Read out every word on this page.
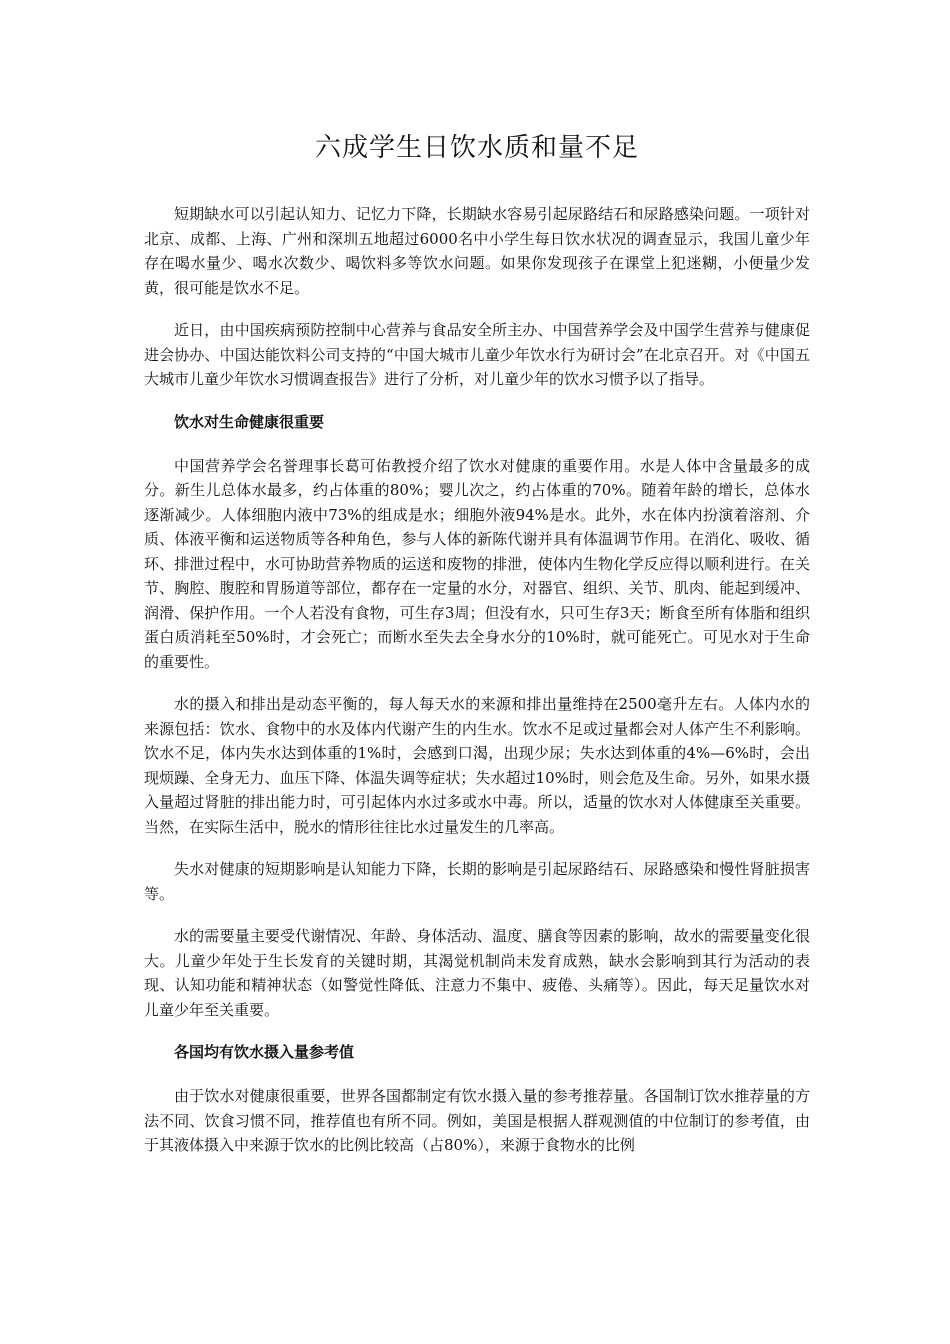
六成学生日饮水质和量不足

短期缺水可以引起认知力、记忆力下降，长期缺水容易引起尿路结石和尿路感染问题。一项针对北京、成都、上海、广州和深圳五地超过6000名中小学生每日饮水状况的调查显示，我国儿童少年存在喝水量少、喝水次数少、喝饮料多等饮水问题。如果你发现孩子在课堂上犯迷糊，小便量少发黄，很可能是饮水不足。

近日，由中国疾病预防控制中心营养与食品安全所主办、中国营养学会及中国学生营养与健康促进会协办、中国达能饮料公司支持的“中国大城市儿童少年饮水行为研讨会”在北京召开。对《中国五大城市儿童少年饮水习惯调查报告》进行了分析，对儿童少年的饮水习惯予以了指导。

饮水对生命健康很重要

中国营养学会名誉理事长葛可佑教授介绍了饮水对健康的重要作用。水是人体中含量最多的成分。新生儿总体水最多，约占体重的80%；婴儿次之，约占体重的70%。随着年龄的增长，总体水逐渐减少。人体细胞内液中73%的组成是水；细胞外液94%是水。此外，水在体内扮演着溶剂、介质、体液平衡和运送物质等各种角色，参与人体的新陈代谢并具有体温调节作用。在消化、吸收、循环、排泄过程中，水可协助营养物质的运送和废物的排泄，使体内生物化学反应得以顺利进行。在关节、胸腔、腹腔和胃肠道等部位，都存在一定量的水分，对器官、组织、关节、肌肉、能起到缓冲、润滑、保护作用。一个人若没有食物，可生存3周；但没有水，只可生存3天；断食至所有体脂和组织蛋白质消耗至50%时，才会死亡；而断水至失去全身水分的10%时，就可能死亡。可见水对于生命的重要性。

水的摄入和排出是动态平衡的，每人每天水的来源和排出量维持在2500毫升左右。人体内水的来源包括：饮水、食物中的水及体内代谢产生的内生水。饮水不足或过量都会对人体产生不利影响。饮水不足，体内失水达到体重的1%时，会感到口渴，出现少尿；失水达到体重的4%—6%时，会出现烦躁、全身无力、血压下降、体温失调等症状；失水超过10%时，则会危及生命。另外，如果水摄入量超过肾脏的排出能力时，可引起体内水过多或水中毒。所以，适量的饮水对人体健康至关重要。当然，在实际生活中，脱水的情形往往比水过量发生的几率高。

失水对健康的短期影响是认知能力下降，长期的影响是引起尿路结石、尿路感染和慢性肾脏损害等。

水的需要量主要受代谢情况、年龄、身体活动、温度、膳食等因素的影响，故水的需要量变化很大。儿童少年处于生长发育的关键时期，其渴觉机制尚未发育成熟，缺水会影响到其行为活动的表现、认知功能和精神状态（如警觉性降低、注意力不集中、疲倦、头痛等）。因此，每天足量饮水对儿童少年至关重要。

各国均有饮水摄入量参考值

由于饮水对健康很重要，世界各国都制定有饮水摄入量的参考推荐量。各国制订饮水推荐量的方法不同、饮食习惯不同，推荐值也有所不同。例如，美国是根据人群观测值的中位制订的参考值，由于其液体摄入中来源于饮水的比例比较高（占80%），来源于食物水的比例
